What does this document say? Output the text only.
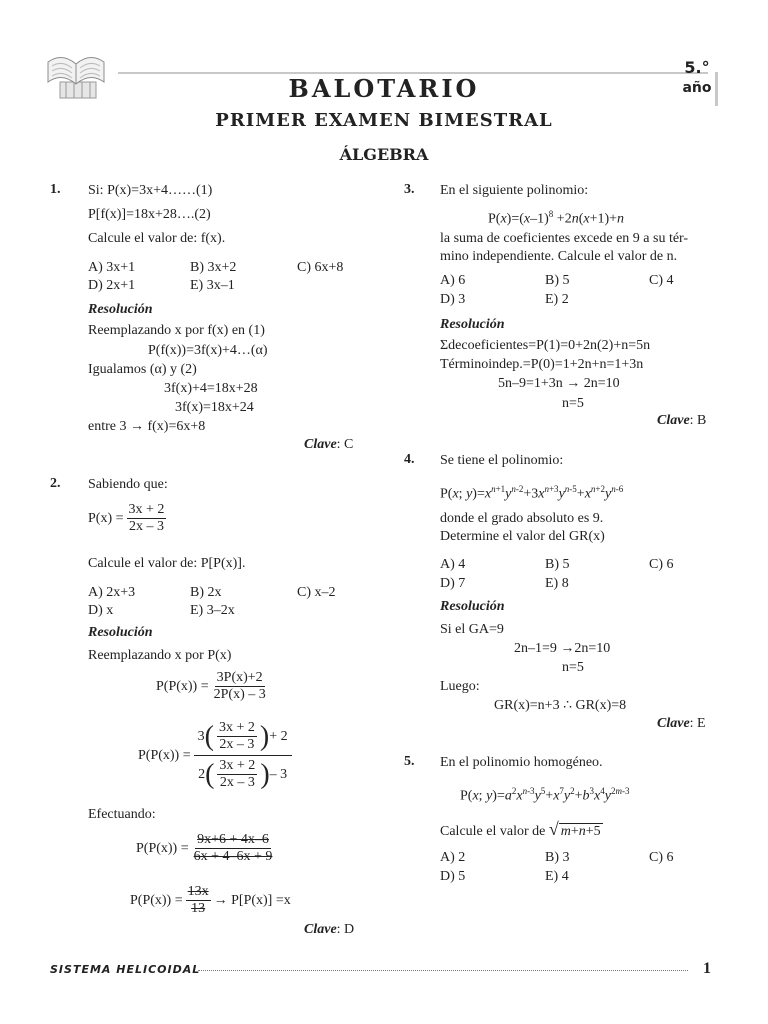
5.°
año
BALOTARIO
PRIMER EXAMEN BIMESTRAL
ÁLGEBRA
1. Si: P(x)=3x+4……(1)
P[f(x)]=18x+28….(2)
Calcule el valor de: f(x).
A) 3x+1	B) 3x+2	C) 6x+8
D) 2x+1	E) 3x–1
Resolución
Reemplazando x por f(x) en (1)
P(f(x))=3f(x)+4…(α)
Igualamos (α) y (2)
3f(x)+4=18x+28
3f(x)=18x+24
entre 3 → f(x)=6x+8
Clave: C
2. Sabiendo que:
$P(x) = \frac{3x + 2}{2x - 3}$
Calcule el valor de: P[P(x)].
A) 2x+3	B) 2x	C) x–2
D) x	E) 3–2x
Resolución
Reemplazando x por P(x)
$P(P(x)) = \frac{3P(x)+2}{2P(x) - 3}$
$P(P(x)) = \frac{3 ( \frac{3x + 2}{2x - 3} ) + 2}{2 ( \frac{3x + 2}{2x - 3} ) - 3}$
Efectuando:
$P(P(x)) = \frac{9x+6 + 4x-6}{6x + 4-6x + 9}$
$P(P(x)) = \frac{13x}{13} \to P[P(x)] =x$
Clave: D
3. En el siguiente polinomio:
$P(x)=(x-1)^8 +2n(x+1)+n$
la suma de coeficientes excede en 9 a su tér-
mino independiente. Calcule el valor de n.
A) 6	B) 5	C) 4
D) 3	E) 2
Resolución
Σdecoeficientes=P(1)=0+2n(2)+n=5n
Términoindep.=P(0)=1+2n+n=1+3n
5n–9=1+3n → 2n=10
n=5
Clave: B
4. Se tiene el polinomio:
P(x; $y)=x^{n+1}y^{n-2}+3x^{n+3}y^{n-5}+x^{n+2}y^{n-6}$
donde el grado absoluto es 9.
Determine el valor del GR(x)
A) 4	B) 5	C) 6
D) 7	E) 8
Resolución
Si el GA=9
2n–1=9 →2n=10
n=5
Luego:
GR(x)=n+3 ∴ GR(x)=8
Clave: E
5. En el polinomio homogéneo.
P(x; $y)=a^2x^{n-3}y^5+x^7y^2+b^3x^4y^{2m-3}$
Calcule el valor de √ m+n+5
A) 2	B) 3	C) 6
D) 5	E) 4
SISTEMA HELICOIDAL	1
